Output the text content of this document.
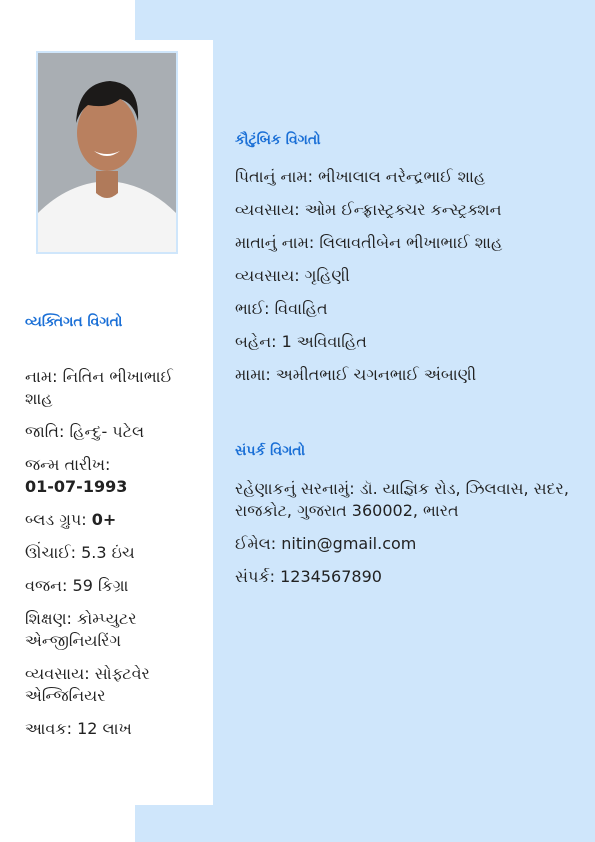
વ્યક્તિગત વિગતો

નામ: નિતિન ભીખાભાઈ શાહ

જાતિ: હિન્દુ- પટેલ

જન્મ તારીખ:
01-07-1993

બ્લડ ગ્રુપ: 0+

ઊંચાઈ: 5.3 ઇંચ

વજન: 59 કિગ્રા

શિક્ષણ: કોમ્પ્યુટર એન્જીનિયરિંગ

વ્યવસાય: સોફ્ટવેર એન્જિનિયર

આવક: 12 લાખ

કૌટુંબિક વિગતો

પિતાનું નામ: ભીખાલાલ નરેન્દ્રભાઈ શાહ

વ્યવસાય: ઓમ ઈન્ફ્રાસ્ટ્રક્ચર કન્સ્ટ્રક્શન

માતાનું નામ: લિલાવતીબેન ભીખાભાઈ શાહ

વ્યવસાય: ગૃહિણી

ભાઈ: વિવાહિત

બહેન: 1 અવિવાહિત

મામા: અમીતભાઈ ચગનભાઈ અંબાણી

સંપર્ક વિગતો

રહેણાકનું સરનામું: ડૉ. યાજ્ઞિક રોડ, ઝિલવાસ, સદર, રાજકોટ, ગુજરાત 360002, ભારત

ઈમેલ: nitin@gmail.com

સંપર્ક: 1234567890
